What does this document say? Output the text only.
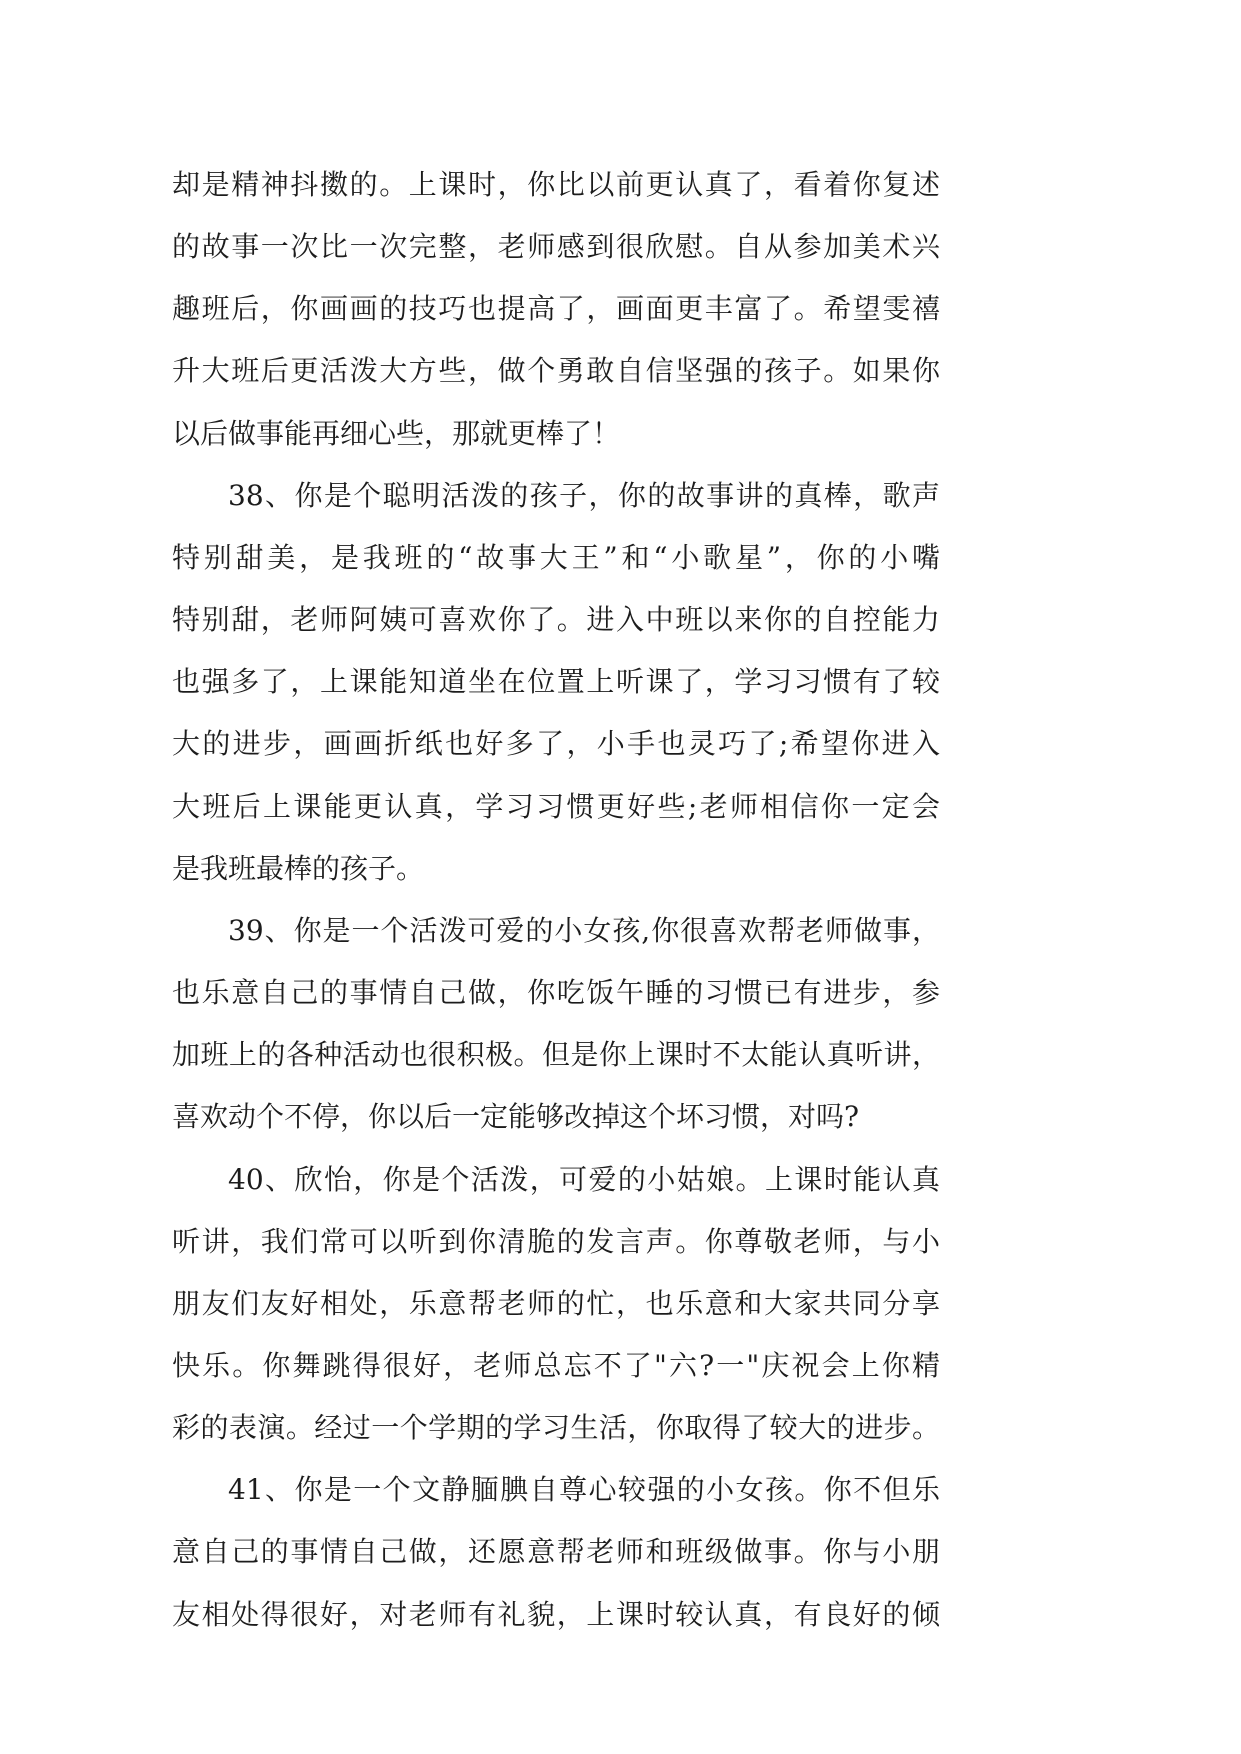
却是精神抖擞的。上课时，你比以前更认真了，看着你复述
的故事一次比一次完整，老师感到很欣慰。自从参加美术兴
趣班后，你画画的技巧也提高了，画面更丰富了。希望雯禧
升大班后更活泼大方些，做个勇敢自信坚强的孩子。如果你
以后做事能再细心些，那就更棒了！
38、你是个聪明活泼的孩子，你的故事讲的真棒，歌声
特别甜美，是我班的“故事大王”和“小歌星”，你的小嘴
特别甜，老师阿姨可喜欢你了。进入中班以来你的自控能力
也强多了，上课能知道坐在位置上听课了，学习习惯有了较
大的进步，画画折纸也好多了，小手也灵巧了;希望你进入
大班后上课能更认真，学习习惯更好些;老师相信你一定会
是我班最棒的孩子。
39、你是一个活泼可爱的小女孩,你很喜欢帮老师做事，
也乐意自己的事情自己做，你吃饭午睡的习惯已有进步，参
加班上的各种活动也很积极。但是你上课时不太能认真听讲，
喜欢动个不停，你以后一定能够改掉这个坏习惯，对吗?
40、欣怡，你是个活泼，可爱的小姑娘。上课时能认真
听讲，我们常可以听到你清脆的发言声。你尊敬老师，与小
朋友们友好相处，乐意帮老师的忙，也乐意和大家共同分享
快乐。你舞跳得很好，老师总忘不了"六?一"庆祝会上你精
彩的表演。经过一个学期的学习生活，你取得了较大的进步。
41、你是一个文静腼腆自尊心较强的小女孩。你不但乐
意自己的事情自己做，还愿意帮老师和班级做事。你与小朋
友相处得很好，对老师有礼貌，上课时较认真，有良好的倾
